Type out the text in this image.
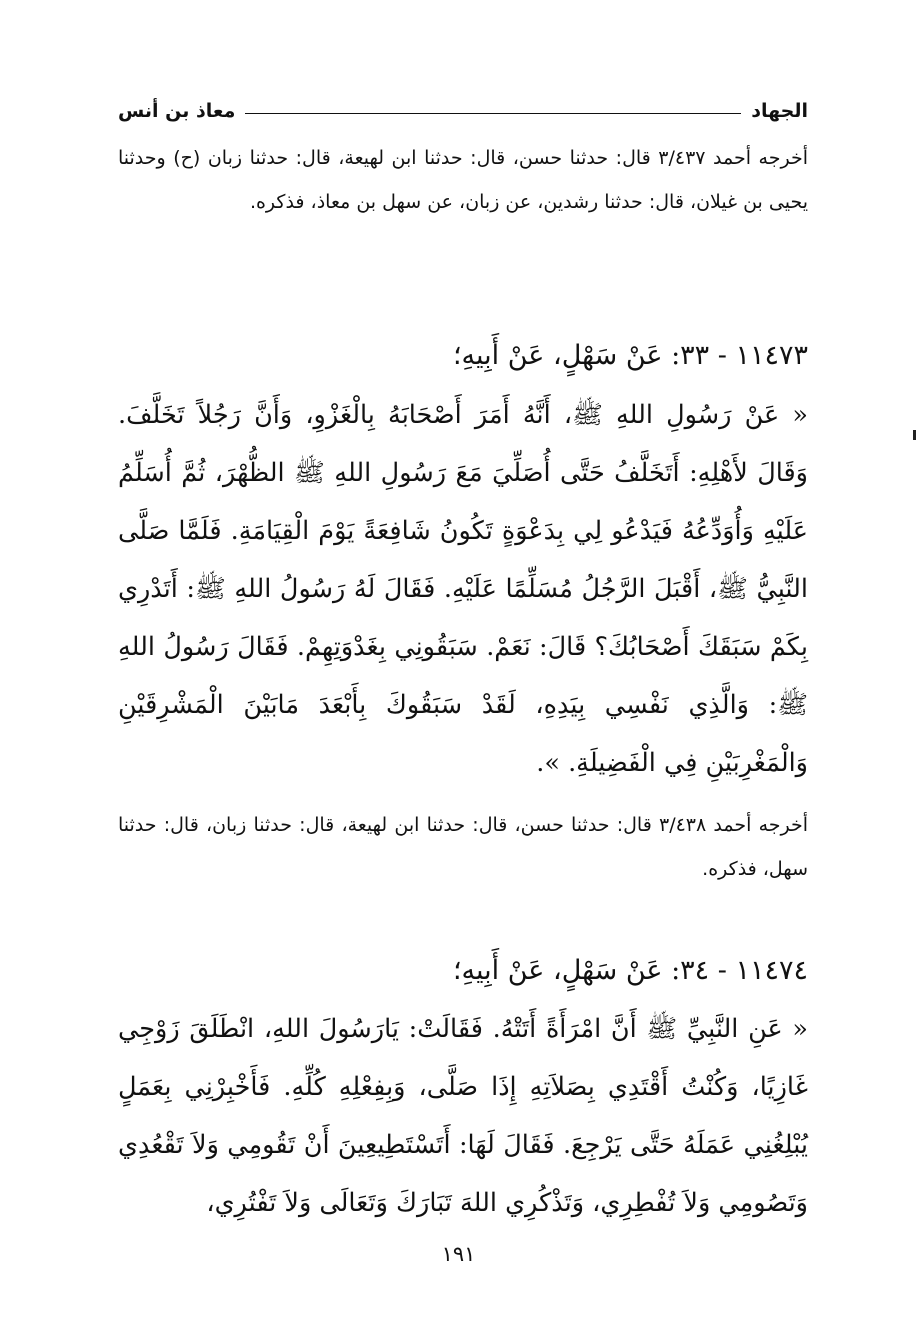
الجهاد
معاذ بن أنس

أخرجه أحمد ٣/٤٣٧ قال: حدثنا حسن، قال: حدثنا ابن لهيعة، قال: حدثنا زبان (ح) وحدثنا يحيى بن غيلان، قال: حدثنا رشدين، عن زبان، عن سهل بن معاذ، فذكره.

١١٤٧٣ - ٣٣: عَنْ سَهْلٍ، عَنْ أَبِيهِ؛

« عَنْ رَسُولِ اللهِ ﷺ، أَنَّهُ أَمَرَ أَصْحَابَهُ بِالْغَزْوِ، وَأَنَّ رَجُلاً تَخَلَّفَ. وَقَالَ لأَهْلِهِ: أَتَخَلَّفُ حَتَّى أُصَلِّيَ مَعَ رَسُولِ اللهِ ﷺ الظُّهْرَ، ثُمَّ أُسَلِّمُ عَلَيْهِ وَأُوَدِّعُهُ فَيَدْعُو لِي بِدَعْوَةٍ تَكُونُ شَافِعَةً يَوْمَ الْقِيَامَةِ. فَلَمَّا صَلَّى النَّبِيُّ ﷺ، أَقْبَلَ الرَّجُلُ مُسَلِّمًا عَلَيْهِ. فَقَالَ لَهُ رَسُولُ اللهِ ﷺ: أَتَدْرِي بِكَمْ سَبَقَكَ أَصْحَابُكَ؟ قَالَ: نَعَمْ. سَبَقُونِي بِغَدْوَتِهِمْ. فَقَالَ رَسُولُ اللهِ ﷺ: وَالَّذِي نَفْسِي بِيَدِهِ، لَقَدْ سَبَقُوكَ بِأَبْعَدَ مَابَيْنَ الْمَشْرِقَيْنِ وَالْمَغْرِبَيْنِ فِي الْفَضِيلَةِ. ».

أخرجه أحمد ٣/٤٣٨ قال: حدثنا حسن، قال: حدثنا ابن لهيعة، قال: حدثنا زبان، قال: حدثنا سهل، فذكره.

١١٤٧٤ - ٣٤: عَنْ سَهْلٍ، عَنْ أَبِيهِ؛

« عَنِ النَّبِيِّ ﷺ أَنَّ امْرَأَةً أَتَتْهُ. فَقَالَتْ: يَارَسُولَ اللهِ، انْطَلَقَ زَوْجِي غَازِيًا، وَكُنْتُ أَقْتَدِي بِصَلاَتِهِ إِذَا صَلَّى، وَبِفِعْلِهِ كُلِّهِ. فَأَخْبِرْنِي بِعَمَلٍ يُبْلِغُنِي عَمَلَهُ حَتَّى يَرْجِعَ. فَقَالَ لَهَا: أَتَسْتَطِيعِينَ أَنْ تَقُومِي وَلاَ تَقْعُدِي وَتَصُومِي وَلاَ تُفْطِرِي، وَتَذْكُرِي اللهَ تَبَارَكَ وَتَعَالَى وَلاَ تَفْتُرِي،

١٩١
